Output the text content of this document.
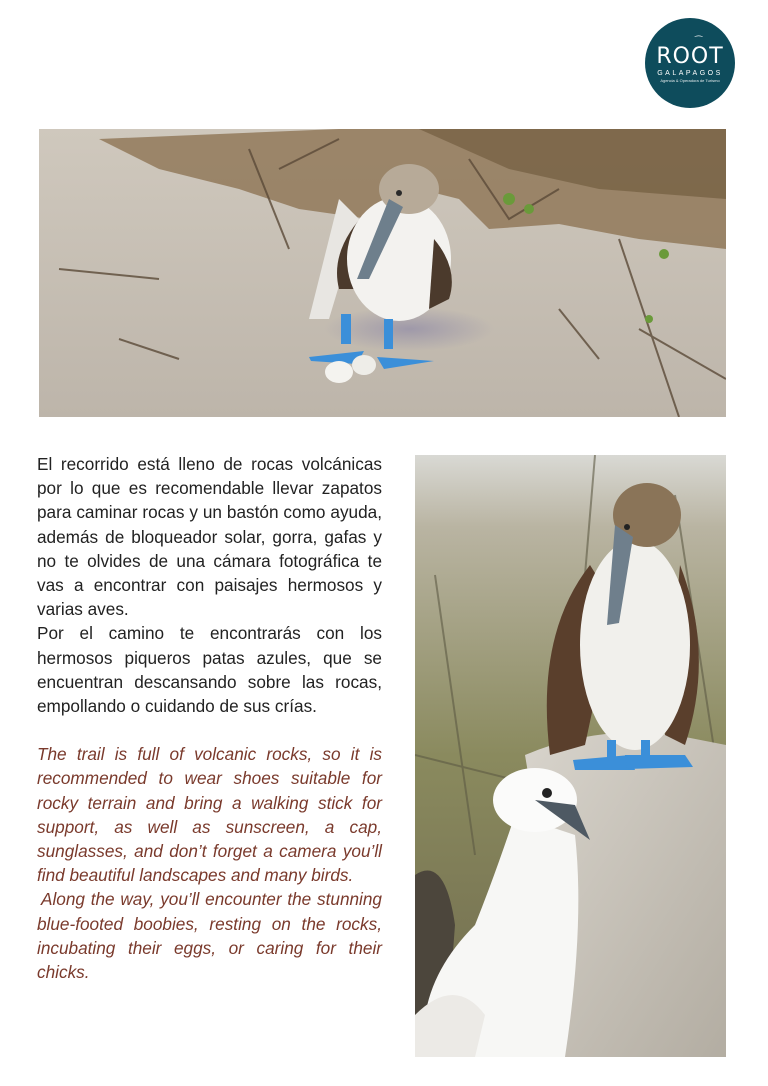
⁀
ROOT
GALAPAGOS
Agencia & Operadora de Turismo

El recorrido está lleno de rocas volcánicas por lo que es recomendable llevar zapatos para caminar rocas y un bastón como ayuda, además de bloqueador solar, gorra, gafas y no te olvides de una cámara fotográfica te vas a encontrar con paisajes hermosos y varias aves.

Por el camino te encontrarás con los hermosos piqueros patas azules, que se encuentran descansando sobre las rocas, empollando o cuidando de sus crías.

The trail is full of volcanic rocks, so it is recommended to wear shoes suitable for rocky terrain and bring a walking stick for support, as well as sunscreen, a cap, sunglasses, and don’t forget a camera you’ll find beautiful landscapes and many birds.

Along the way, you’ll encounter the stunning blue-footed boobies, resting on the rocks, incubating their eggs, or caring for their chicks.
